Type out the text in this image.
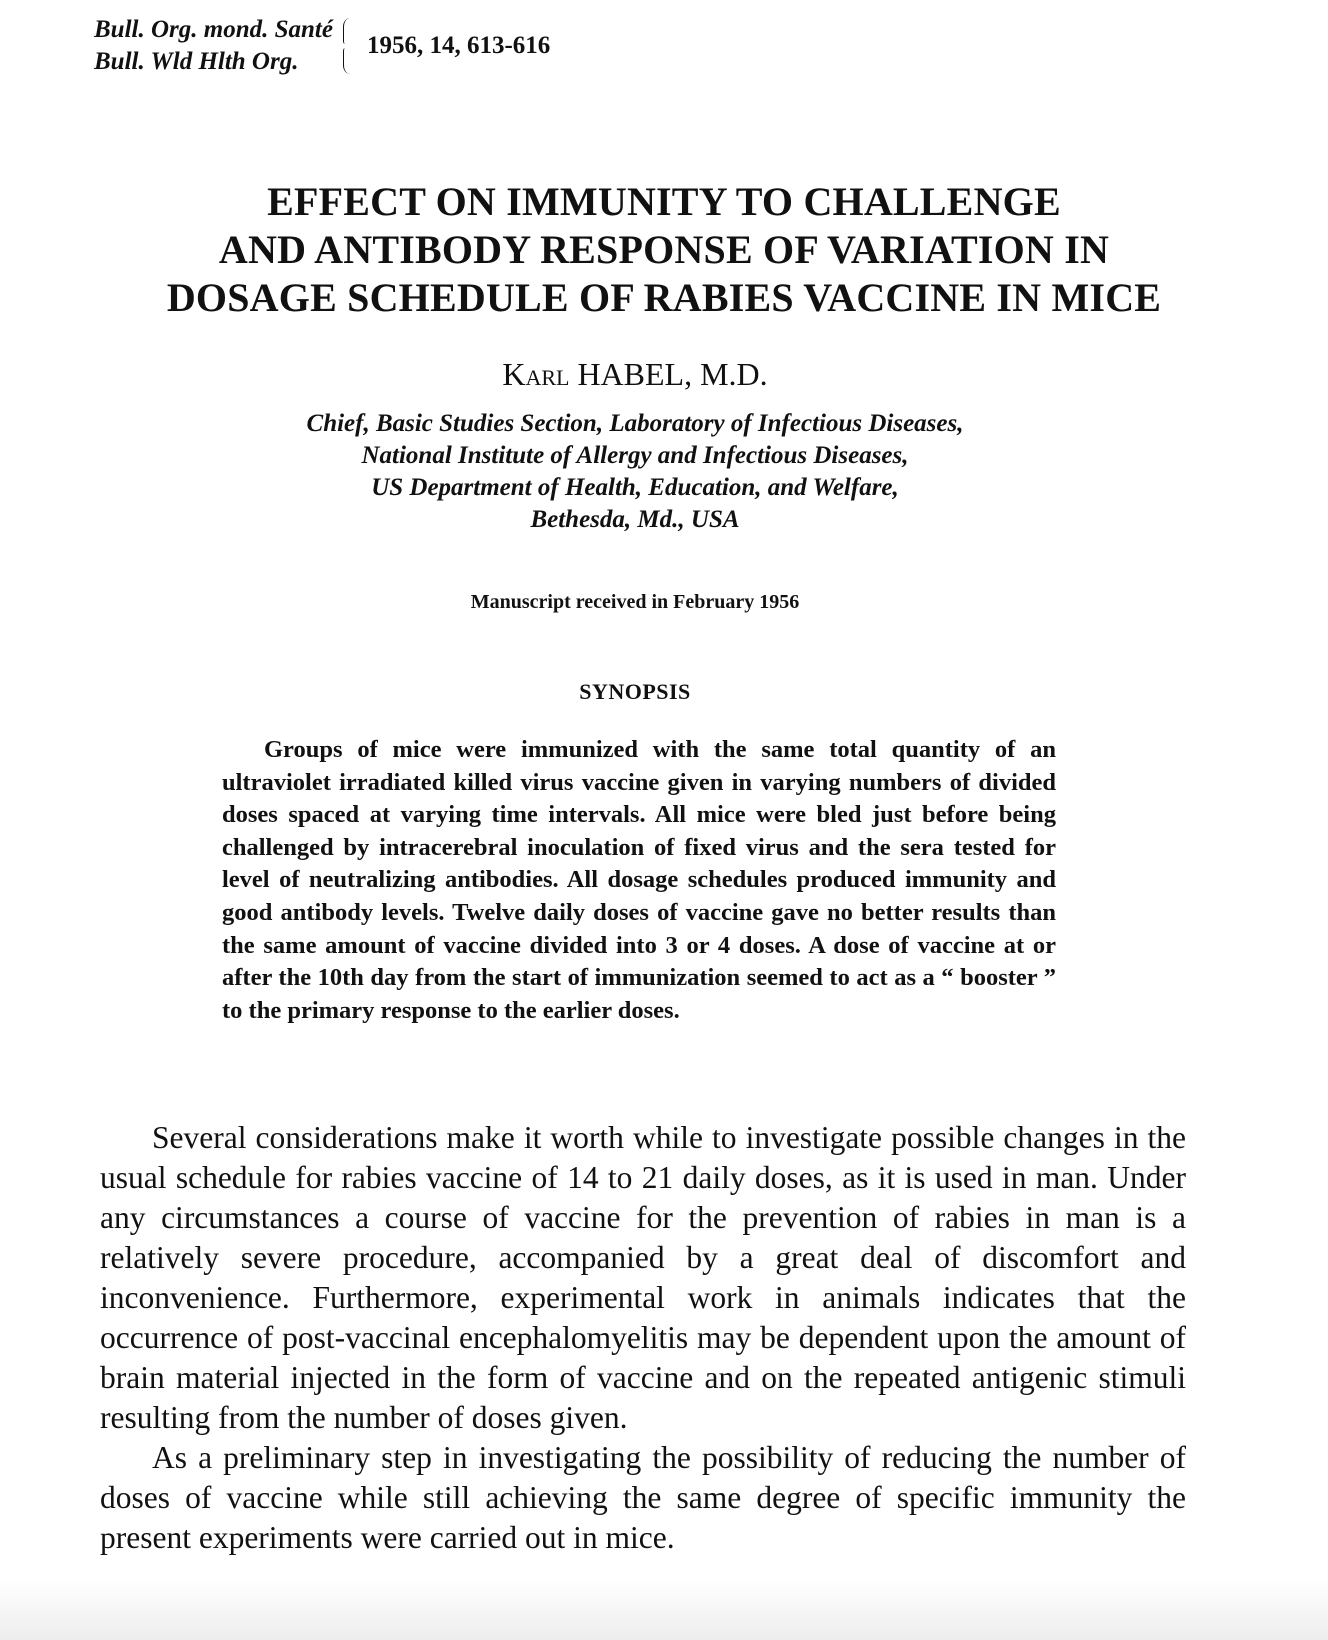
Bull. Org. mond. Santé
Bull. Wld Hlth Org.
1956, 14, 613-616
EFFECT ON IMMUNITY TO CHALLENGE
AND ANTIBODY RESPONSE OF VARIATION IN
DOSAGE SCHEDULE OF RABIES VACCINE IN MICE
Karl HABEL, M.D.
Chief, Basic Studies Section, Laboratory of Infectious Diseases,
National Institute of Allergy and Infectious Diseases,
US Department of Health, Education, and Welfare,
Bethesda, Md., USA
Manuscript received in February 1956
SYNOPSIS
Groups of mice were immunized with the same total quantity of an ultraviolet irradiated killed virus vaccine given in varying numbers of divided doses spaced at varying time intervals. All mice were bled just before being challenged by intracerebral inoculation of fixed virus and the sera tested for level of neutralizing antibodies. All dosage schedules produced immunity and good antibody levels. Twelve daily doses of vaccine gave no better results than the same amount of vaccine divided into 3 or 4 doses. A dose of vaccine at or after the 10th day from the start of immunization seemed to act as a “ booster ” to the primary response to the earlier doses.

Several considerations make it worth while to investigate possible changes in the usual schedule for rabies vaccine of 14 to 21 daily doses, as it is used in man. Under any circumstances a course of vaccine for the prevention of rabies in man is a relatively severe procedure, accompanied by a great deal of discomfort and inconvenience. Furthermore, experimental work in animals indicates that the occurrence of post-vaccinal encephalomyelitis may be dependent upon the amount of brain material injected in the form of vaccine and on the repeated antigenic stimuli resulting from the number of doses given.

As a preliminary step in investigating the possibility of reducing the number of doses of vaccine while still achieving the same degree of specific immunity the present experiments were carried out in mice.
